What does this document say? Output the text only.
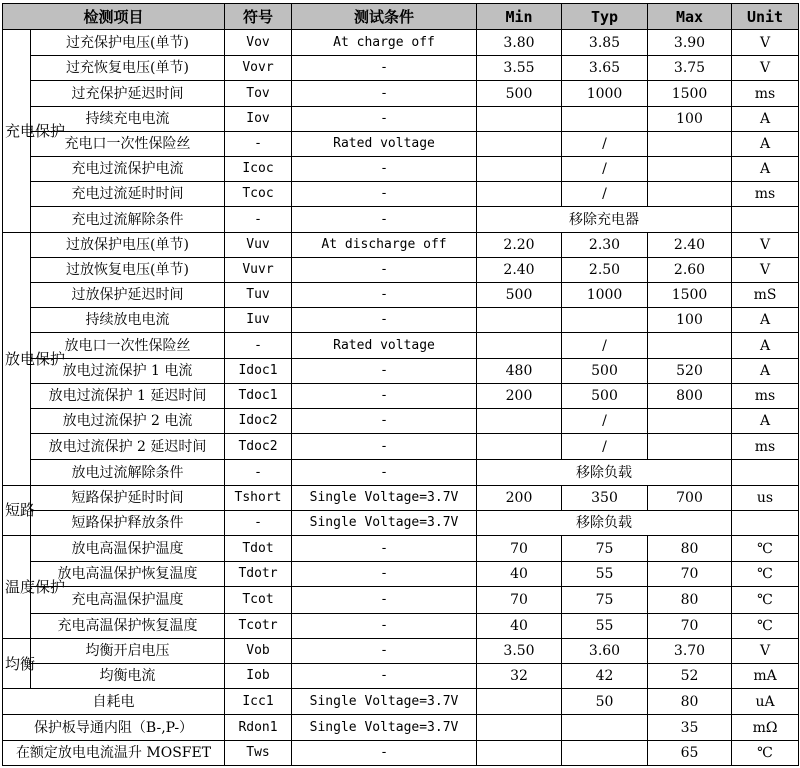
检测项目		符号	测试条件	Min	Typ	Max	Unit
充电保护	过充保护电压(单节)	Vov	At charge off	3.80	3.85	3.90	V
	过充恢复电压(单节)	Vovr	-	3.55	3.65	3.75	V
	过充保护延迟时间	Tov	-	500	1000	1500	ms
	持续充电电流	Iov	-			100	A
	充电口一次性保险丝	-	Rated voltage		/		A
	充电过流保护电流	Icoc	-		/		A
	充电过流延时时间	Tcoc	-		/		ms
	充电过流解除条件	-	-	移除充电器			
放电保护	过放保护电压(单节)	Vuv	At discharge off	2.20	2.30	2.40	V
	过放恢复电压(单节)	Vuvr	-	2.40	2.50	2.60	V
	过放保护延迟时间	Tuv	-	500	1000	1500	mS
	持续放电电流	Iuv	-			100	A
	放电口一次性保险丝	-	Rated voltage		/		A
	放电过流保护 1 电流	Idoc1	-	480	500	520	A
	放电过流保护 1 延迟时间	Tdoc1	-	200	500	800	ms
	放电过流保护 2 电流	Idoc2	-		/		A
	放电过流保护 2 延迟时间	Tdoc2	-		/		ms
	放电过流解除条件	-	-	移除负载			
短路	短路保护延时时间	Tshort	Single Voltage=3.7V	200	350	700	us
	短路保护释放条件	-	Single Voltage=3.7V	移除负载			
温度保护	放电高温保护温度	Tdot	-	70	75	80	℃
	放电高温保护恢复温度	Tdotr	-	40	55	70	℃
	充电高温保护温度	Tcot	-	70	75	80	℃
	充电高温保护恢复温度	Tcotr	-	40	55	70	℃
均衡	均衡开启电压	Vob	-	3.50	3.60	3.70	V
	均衡电流	Iob	-	32	42	52	mA
自耗电		Icc1	Single Voltage=3.7V		50	80	uA
保护板导通内阻（B-,P-）		Rdon1	Single Voltage=3.7V			35	mΩ
在额定放电电流温升 MOSFET		Tws	-			65	℃
